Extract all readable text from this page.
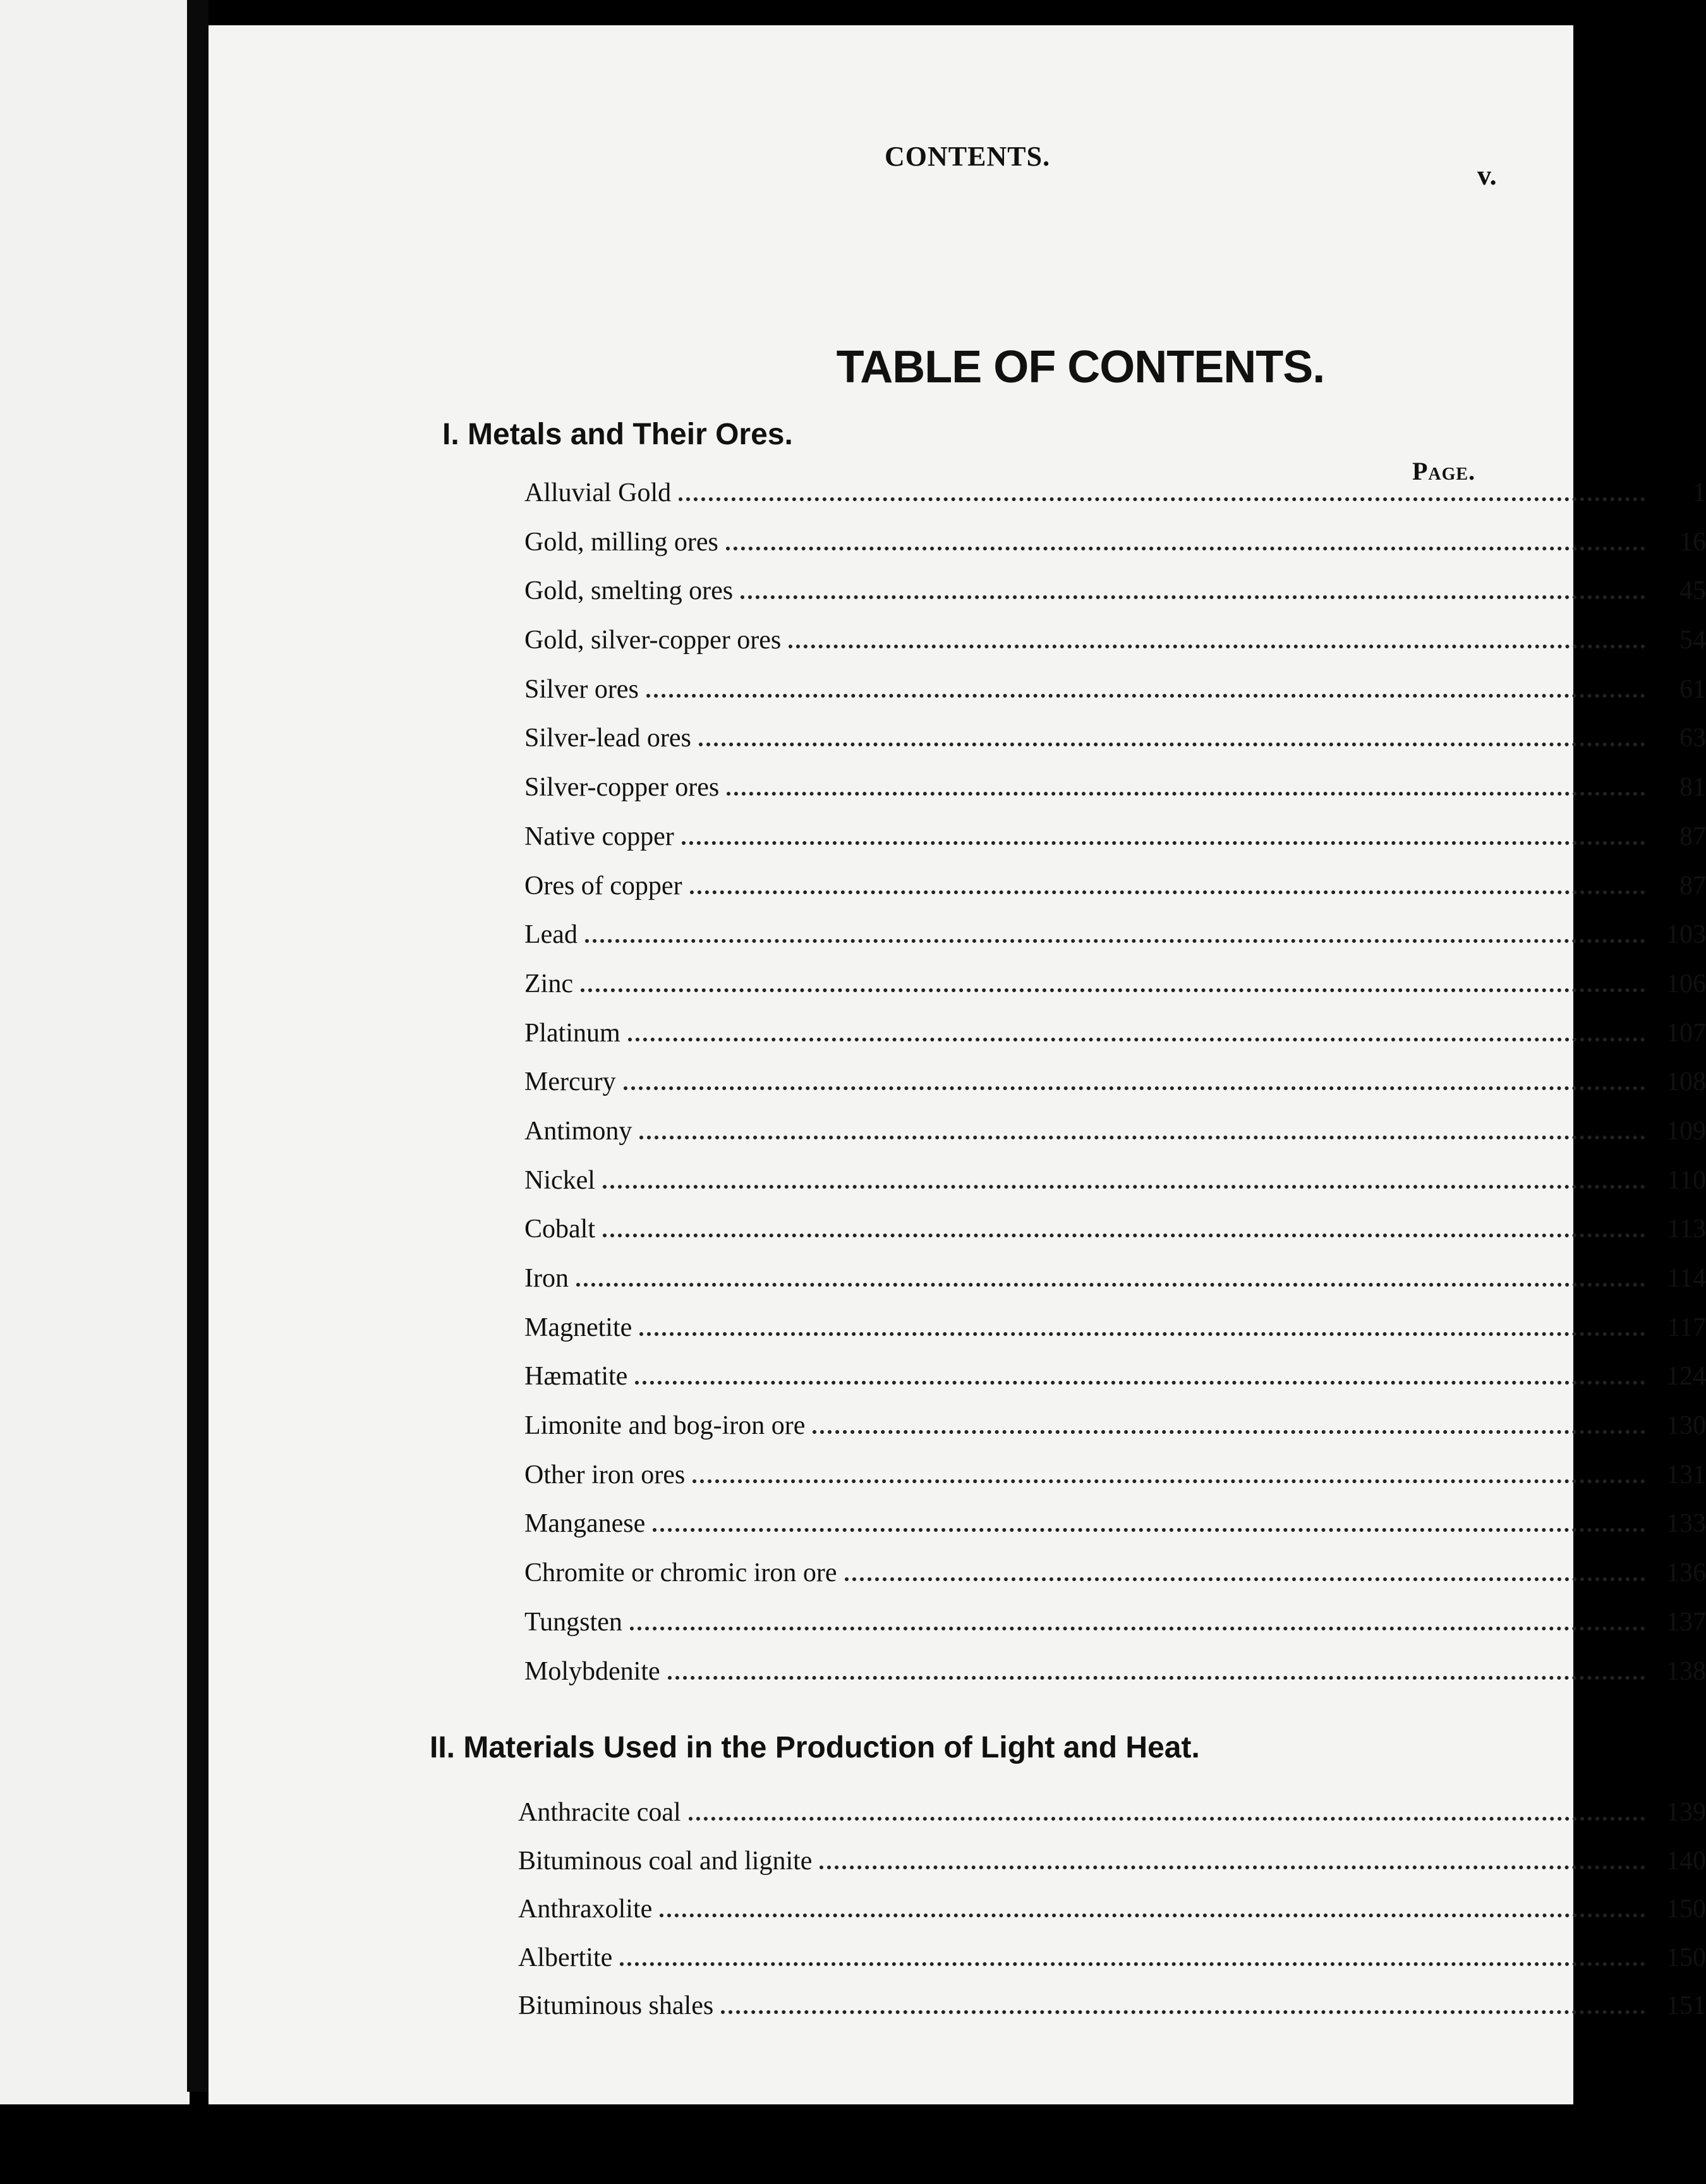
CONTENTS.

v.

TABLE OF CONTENTS.
I. Metals and Their Ores.

Page.

Alluvial Gold	1
Gold, milling ores	16
Gold, smelting ores	45
Gold, silver-copper ores	54
Silver ores	61
Silver-lead ores	63
Silver-copper ores	81
Native copper	87
Ores of copper	87
Lead	103
Zinc	106
Platinum	107
Mercury	108
Antimony	109
Nickel	110
Cobalt	113
Iron	114
Magnetite	117
Hæmatite	124
Limonite and bog-iron ore	130
Other iron ores	131
Manganese	133
Chromite or chromic iron ore	136
Tungsten	137
Molybdenite	138
II. Materials Used in the Production of Light and Heat.
Anthracite coal	139
Bituminous coal and lignite	140
Anthraxolite	150
Albertite	150
Bituminous shales	151
